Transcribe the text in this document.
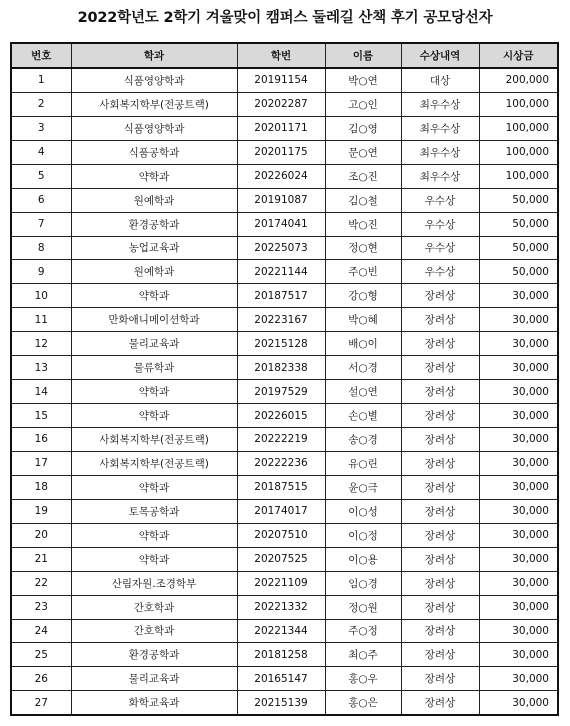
2022학년도 2학기 겨울맞이 캠퍼스 둘레길 산책 후기 공모당선자
번호	학과	학번	이름	수상내역	시상금
1	식품영양학과	20191154	박○연	대상	200,000
2	사회복지학부(전공트랙)	20202287	고○인	최우수상	100,000
3	식품영양학과	20201171	김○영	최우수상	100,000
4	식품공학과	20201175	문○연	최우수상	100,000
5	약학과	20226024	조○진	최우수상	100,000
6	원예학과	20191087	김○철	우수상	50,000
7	환경공학과	20174041	박○진	우수상	50,000
8	농업교육과	20225073	정○현	우수상	50,000
9	원예학과	20221144	주○빈	우수상	50,000
10	약학과	20187517	강○형	장려상	30,000
11	만화애니메이션학과	20223167	박○혜	장려상	30,000
12	물리교육과	20215128	배○이	장려상	30,000
13	물류학과	20182338	서○경	장려상	30,000
14	약학과	20197529	설○연	장려상	30,000
15	약학과	20226015	손○별	장려상	30,000
16	사회복지학부(전공트랙)	20222219	송○경	장려상	30,000
17	사회복지학부(전공트랙)	20222236	유○린	장려상	30,000
18	약학과	20187515	윤○극	장려상	30,000
19	토목공학과	20174017	이○성	장려상	30,000
20	약학과	20207510	이○정	장려상	30,000
21	약학과	20207525	이○용	장려상	30,000
22	산림자원.조경학부	20221109	임○경	장려상	30,000
23	간호학과	20221332	정○원	장려상	30,000
24	간호학과	20221344	주○정	장려상	30,000
25	환경공학과	20181258	최○주	장려상	30,000
26	물리교육과	20165147	홍○우	장려상	30,000
27	화학교육과	20215139	홍○은	장려상	30,000
